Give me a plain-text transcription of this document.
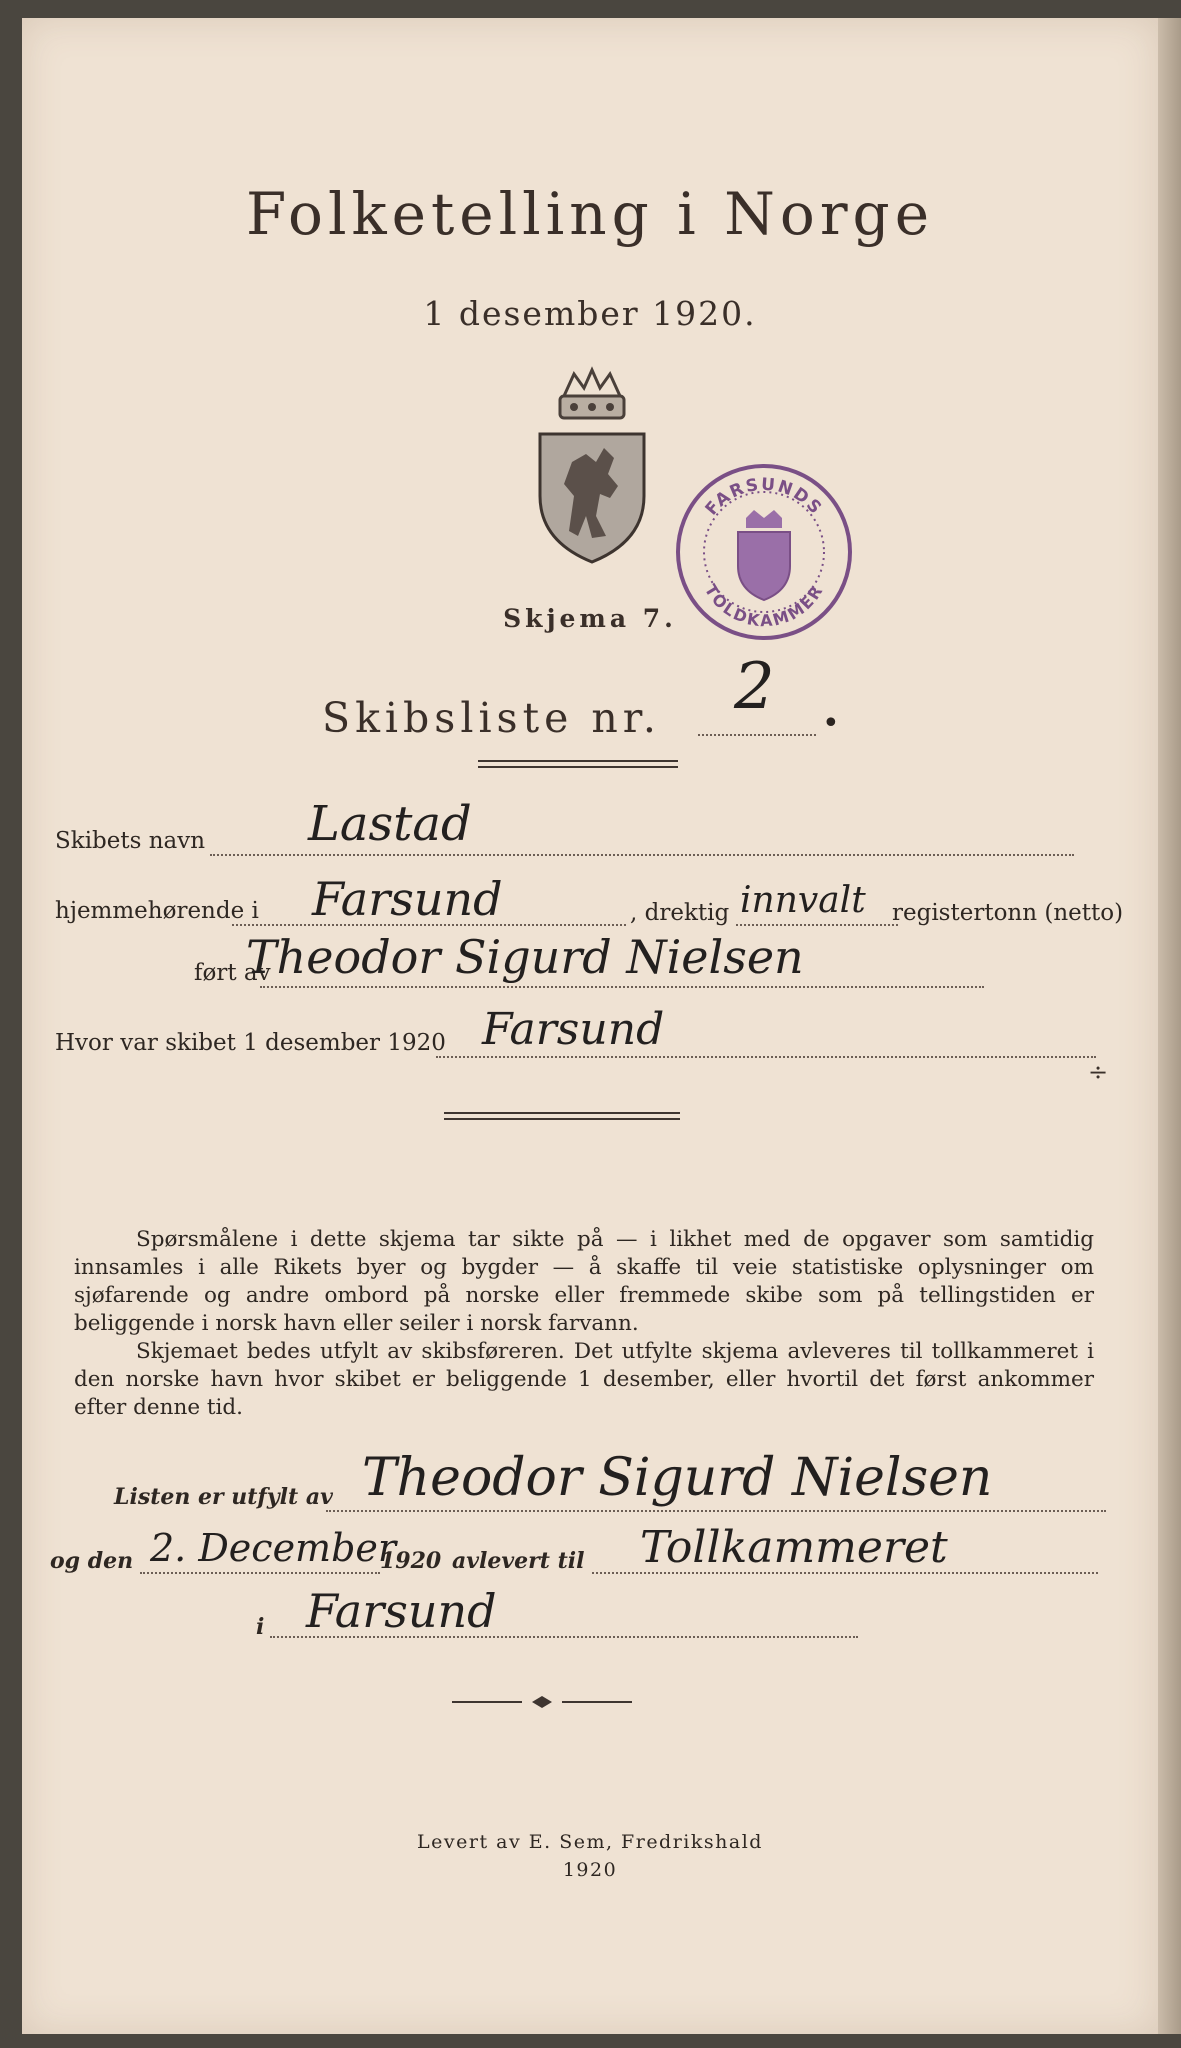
Folketelling i Norge
1 desember 1920.
FARSUNDS
TOLDKAMMER
Skjema 7.
Skibsliste nr. 2 •
Skibets navn Lastad
hjemmehørende i Farsund	, drektig innvalt registertonn (netto)
ført av
Theodor Sigurd Nielsen
Hvor var skibet 1 desember 1920 Farsund
÷

Spørsmålene i dette skjema tar sikte på — i likhet med de opgaver som samtidig innsamles i alle Rikets byer og bygder — å skaffe til veie statistiske oplysninger om sjøfarende og andre ombord på norske eller fremmede skibe som på tellingstiden er beliggende i norsk havn eller seiler i norsk farvann.

Skjemaet bedes utfylt av skibsføreren. Det utfylte skjema avleveres til tollkammeret i den norske havn hvor skibet er beliggende 1 desember, eller hvortil det først ankommer efter denne tid.

Listen er utfylt av Theodor Sigurd Nielsen
og den 2. December
1920 avlevert til Tollkammeret
i Farsund
Levert av E. Sem, Fredrikshald
1920
